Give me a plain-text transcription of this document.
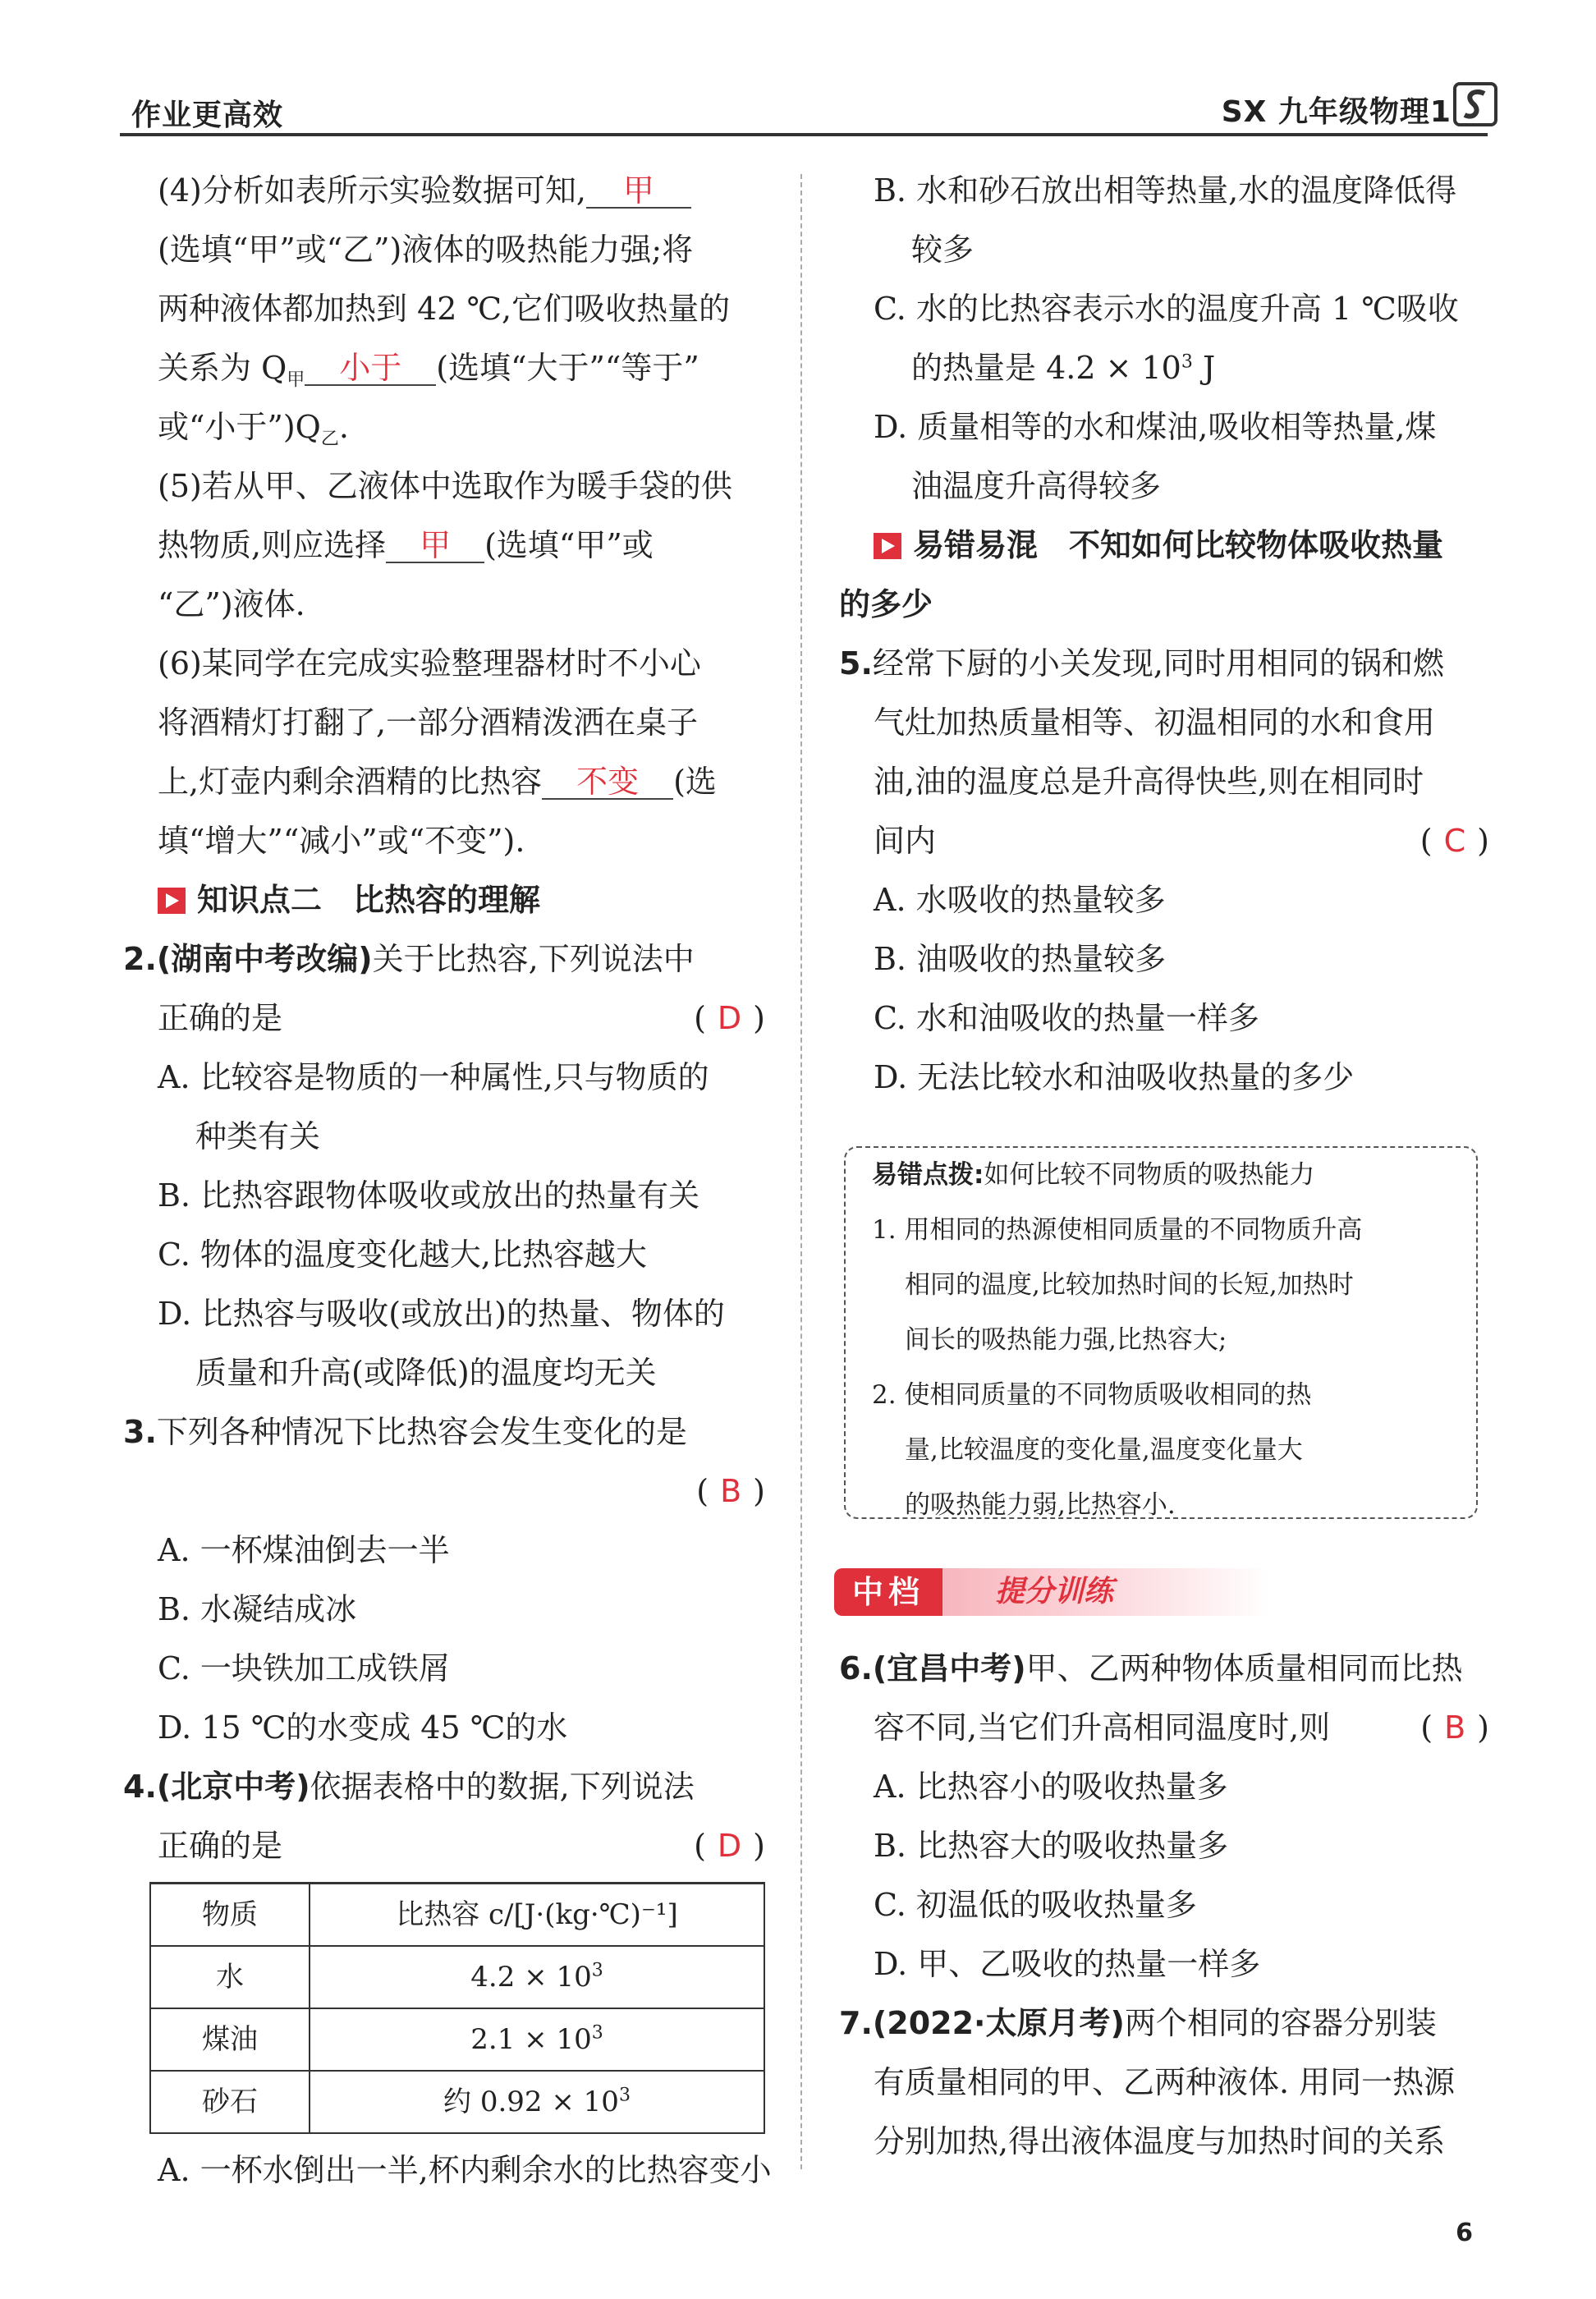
作业更高效	SX 九年级物理1
(4)分析如表所示实验数据可知, 甲
(选填“甲”或“乙”)液体的吸热能力强;将
两种液体都加热到 42 ℃,它们吸收热量的
关系为 $Q_甲$ 小于 (选填“大于”“等于”
或“小于$”)Q_乙$.
(5)若从甲、乙液体中选取作为暖手袋的供
热物质,则应选择 甲 (选填“甲”或
“乙”)液体.
(6)某同学在完成实验整理器材时不小心
将酒精灯打翻了,一部分酒精泼洒在桌子
上,灯壶内剩余酒精的比热容 不变 (选
填“增大”“减小”或“不变”).
知识点二　比热容的理解
2.(湖南中考改编)关于比热容,下列说法中
正确的是	( D )
A. 比较容是物质的一种属性,只与物质的
种类有关
B. 比热容跟物体吸收或放出的热量有关
C. 物体的温度变化越大,比热容越大
D. 比热容与吸收(或放出)的热量、物体的
质量和升高(或降低)的温度均无关
3.下列各种情况下比热容会发生变化的是
( B )
A. 一杯煤油倒去一半
B. 水凝结成冰
C. 一块铁加工成铁屑
D. 15 ℃的水变成 45 ℃的水
4.(北京中考)依据表格中的数据,下列说法
正确的是	( D )
物质	比热容 c/[J·(kg·℃)⁻¹]
水	$4.2 \times 10^3$
煤油	$2.1 \times 10^3$
砂石	约 $0.92 \times 10^3$
A. 一杯水倒出一半,杯内剩余水的比热容变小
B. 水和砂石放出相等热量,水的温度降低得
较多
C. 水的比热容表示水的温度升高 1 ℃吸收
的热量是 $4.2 \times 10^3$ J
D. 质量相等的水和煤油,吸收相等热量,煤
油温度升高得较多
易错易混　不知如何比较物体吸收热量
的多少
5.经常下厨的小关发现,同时用相同的锅和燃
气灶加热质量相等、初温相同的水和食用
油,油的温度总是升高得快些,则在相同时
间内	( C )
A. 水吸收的热量较多
B. 油吸收的热量较多
C. 水和油吸收的热量一样多
D. 无法比较水和油吸收热量的多少
易错点拨:如何比较不同物质的吸热能力
1. 用相同的热源使相同质量的不同物质升高
相同的温度,比较加热时间的长短,加热时
间长的吸热能力强,比热容大;
2. 使相同质量的不同物质吸收相同的热
量,比较温度的变化量,温度变化量大
的吸热能力弱,比热容小.
中档	提分训练
6.(宜昌中考)甲、乙两种物体质量相同而比热
容不同,当它们升高相同温度时,则	( B )
A. 比热容小的吸收热量多
B. 比热容大的吸收热量多
C. 初温低的吸收热量多
D. 甲、乙吸收的热量一样多
7.(2022·太原月考)两个相同的容器分别装
有质量相同的甲、乙两种液体. 用同一热源
分别加热,得出液体温度与加热时间的关系
6
